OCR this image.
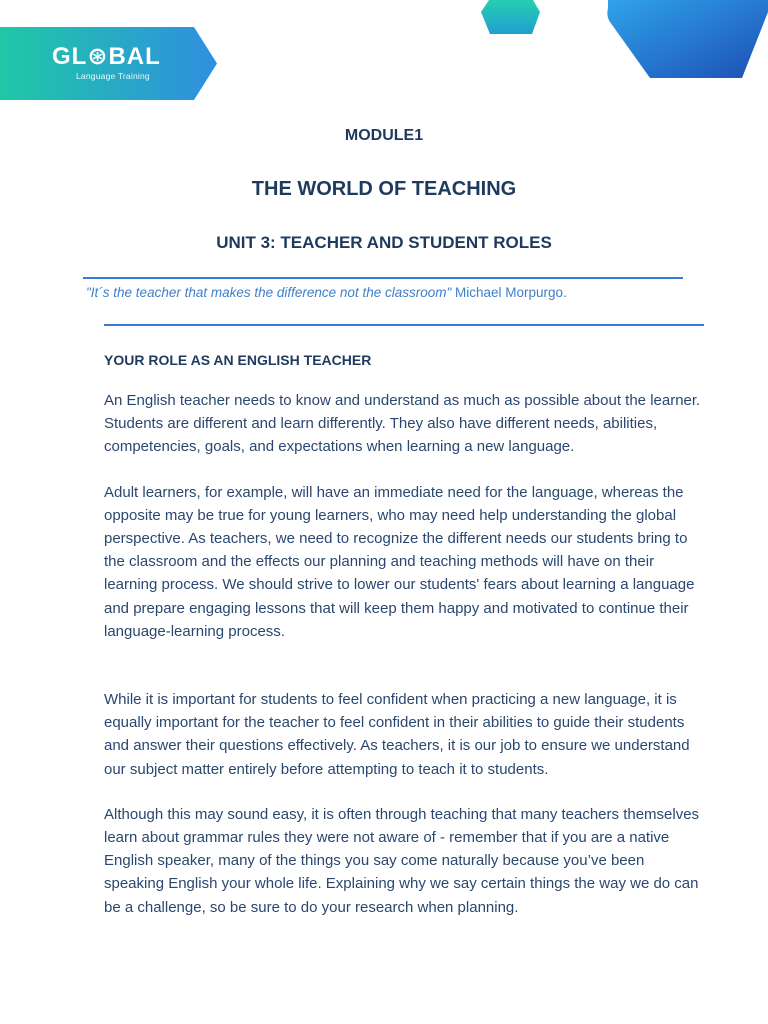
GL⊛BAL
Language Training
MODULE1
THE WORLD OF TEACHING
UNIT 3: TEACHER AND STUDENT ROLES
"It´s the teacher that makes the difference not the classroom" Michael Morpurgo.
YOUR ROLE AS AN ENGLISH TEACHER

An English teacher needs to know and understand as much as possible about the learner. Students are different and learn differently. They also have different needs, abilities, competencies, goals, and expectations when learning a new language.

Adult learners, for example, will have an immediate need for the language, whereas the opposite may be true for young learners, who may need help understanding the global perspective. As teachers, we need to recognize the different needs our students bring to the classroom and the effects our planning and teaching methods will have on their learning process. We should strive to lower our students' fears about learning a language and prepare engaging lessons that will keep them happy and motivated to continue their language-learning process.

While it is important for students to feel confident when practicing a new language, it is equally important for the teacher to feel confident in their abilities to guide their students and answer their questions effectively. As teachers, it is our job to ensure we understand our subject matter entirely before attempting to teach it to students.

Although this may sound easy, it is often through teaching that many teachers themselves learn about grammar rules they were not aware of - remember that if you are a native English speaker, many of the things you say come naturally because you’ve been speaking English your whole life. Explaining why we say certain things the way we do can be a challenge, so be sure to do your research when planning.
